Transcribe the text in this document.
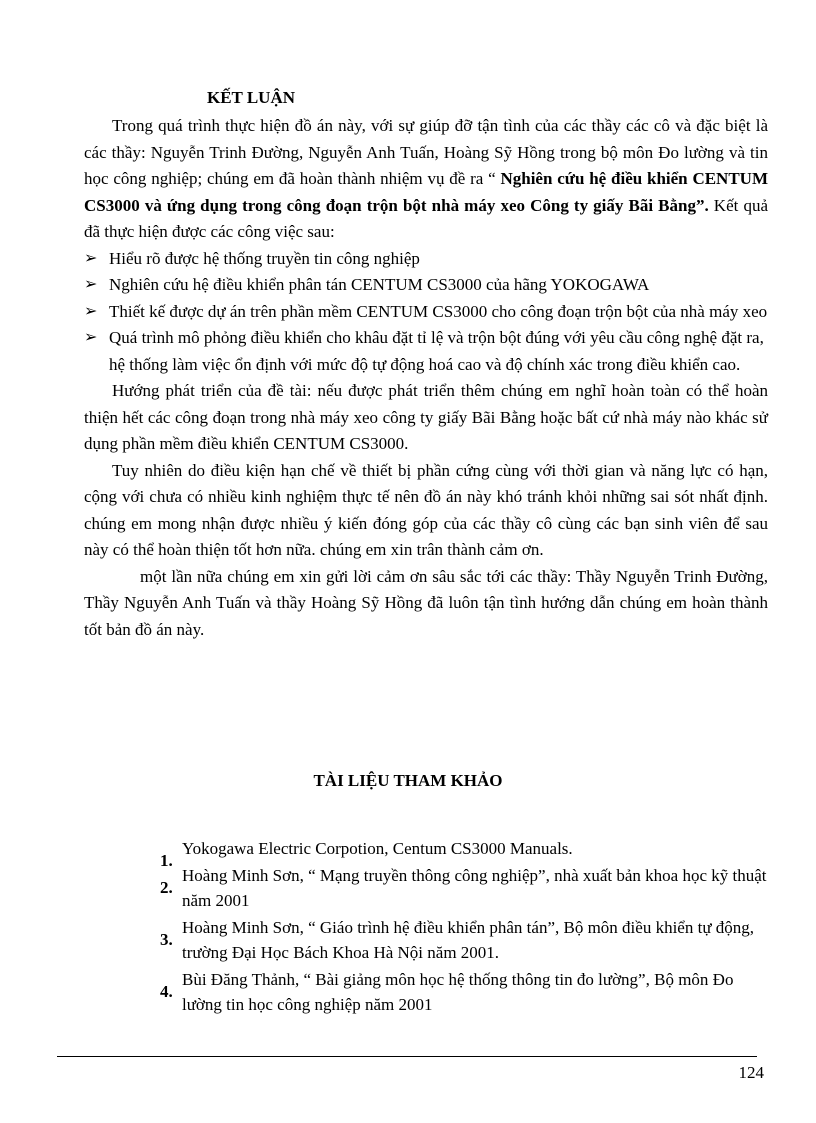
KẾT LUẬN

Trong quá trình thực hiện đồ án này, với sự giúp đỡ tận tình của các thầy các cô và đặc biệt là các thầy: Nguyễn Trinh Đường, Nguyễn Anh Tuấn, Hoàng Sỹ Hồng trong bộ môn Đo lường và tin học công nghiệp; chúng em đã hoàn thành nhiệm vụ đề ra “ Nghiên cứu hệ điều khiển CENTUM CS3000 và ứng dụng trong công đoạn trộn bột nhà máy xeo Công ty giấy Bãi Bằng”. Kết quả đã thực hiện được các công việc sau:

➢ Hiểu rõ được hệ thống truyền tin công nghiệp
➢ Nghiên cứu hệ điều khiển phân tán CENTUM CS3000 của hãng YOKOGAWA
➢ Thiết kế được dự án trên phần mềm CENTUM CS3000 cho công đoạn trộn bột của nhà máy xeo
➢ Quá trình mô phỏng điều khiển cho khâu đặt tỉ lệ và trộn bột đúng với yêu cầu công nghệ đặt ra, hệ thống làm việc ổn định với mức độ tự động hoá cao và độ chính xác trong điều khiển cao.

Hướng phát triển của đề tài: nếu được phát triển thêm chúng em nghĩ hoàn toàn có thể hoàn thiện hết các công đoạn trong nhà máy xeo công ty giấy Bãi Bằng hoặc bất cứ nhà máy nào khác sử dụng phần mềm điều khiển CENTUM CS3000.

Tuy nhiên do điều kiện hạn chế về thiết bị phần cứng cùng với thời gian và năng lực có hạn, cộng với chưa có nhiều kinh nghiệm thực tế nên đồ án này khó tránh khỏi những sai sót nhất định. chúng em mong nhận được nhiều ý kiến đóng góp của các thầy cô cùng các bạn sinh viên để sau này có thể hoàn thiện tốt hơn nữa. chúng em xin trân thành cảm ơn.

một lần nữa chúng em xin gửi lời cảm ơn sâu sắc tới các thầy: Thầy Nguyễn Trinh Đường, Thầy Nguyễn Anh Tuấn và thầy Hoàng Sỹ Hồng đã luôn tận tình hướng dẫn chúng em hoàn thành tốt bản đồ án này.

TÀI LIỆU THAM KHẢO
1.
Yokogawa Electric Corpotion, Centum CS3000 Manuals.
2.
Hoàng Minh Sơn, “ Mạng truyền thông công nghiệp”, nhà xuất bản khoa học kỹ thuật năm 2001
3.
Hoàng Minh Sơn, “ Giáo trình hệ điều khiển phân tán”, Bộ môn điều khiển tự động, trường Đại Học Bách Khoa Hà Nội năm 2001.
4.
Bùi Đăng Thảnh, “ Bài giảng môn học hệ thống thông tin đo lường”, Bộ môn Đo lường tin học công nghiệp năm 2001
124
